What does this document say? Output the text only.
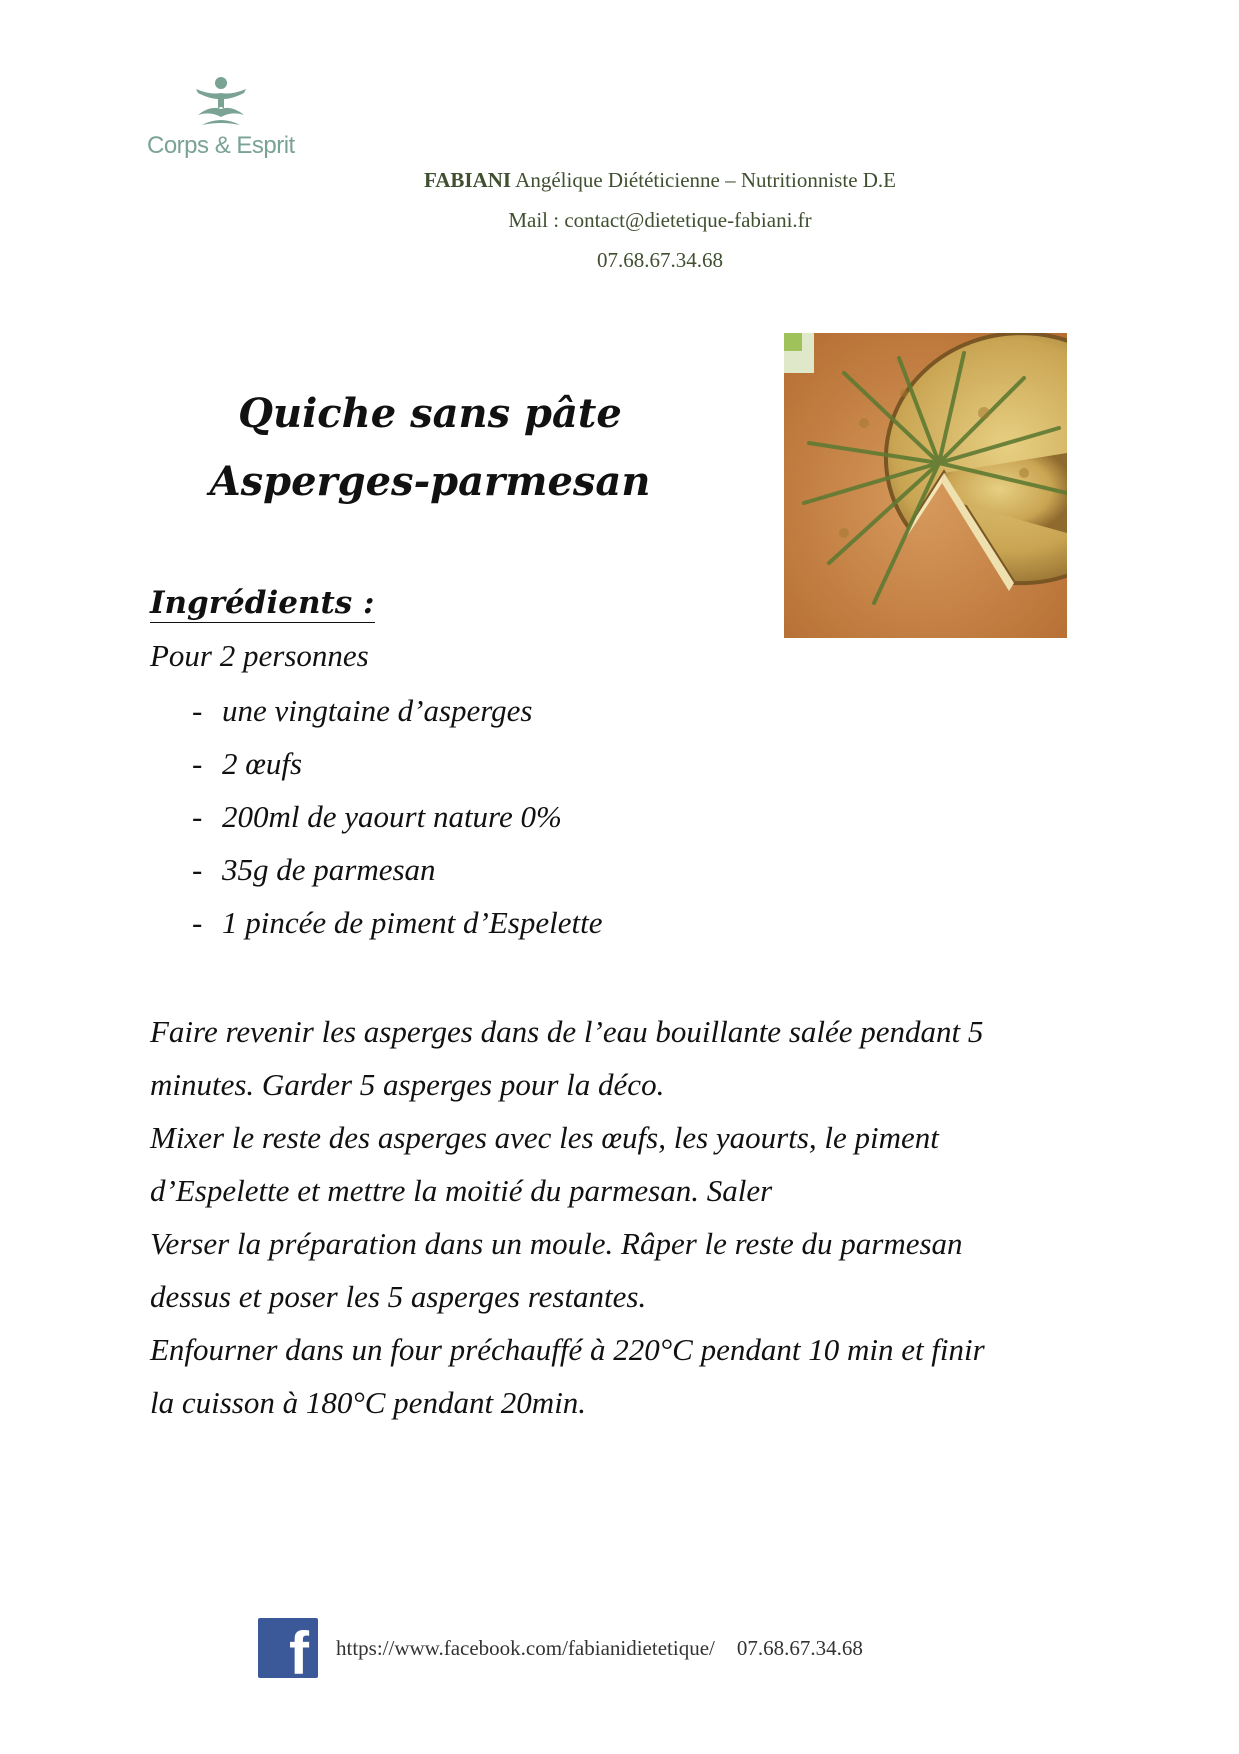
Corps & Esprit
FABIANI Angélique Diététicienne – Nutritionniste D.E
Mail : contact@dietetique-fabiani.fr
07.68.67.34.68
Quiche sans pâte
Asperges-parmesan
Ingrédients :
Pour 2 personnes
- une vingtaine d’asperges
- 2 œufs
- 200ml de yaourt nature 0%
- 35g de parmesan
- 1 pincée de piment d’Espelette
Faire revenir les asperges dans de l’eau bouillante salée pendant 5
minutes. Garder 5 asperges pour la déco.
Mixer le reste des asperges avec les œufs, les yaourts, le piment
d’Espelette et mettre la moitié du parmesan. Saler
Verser la préparation dans un moule. Râper le reste du parmesan
dessus et poser les 5 asperges restantes.
Enfourner dans un four préchauffé à 220°C pendant 10 min et finir
la cuisson à 180°C pendant 20min.
f https://www.facebook.com/fabianidietetique/ 07.68.67.34.68
